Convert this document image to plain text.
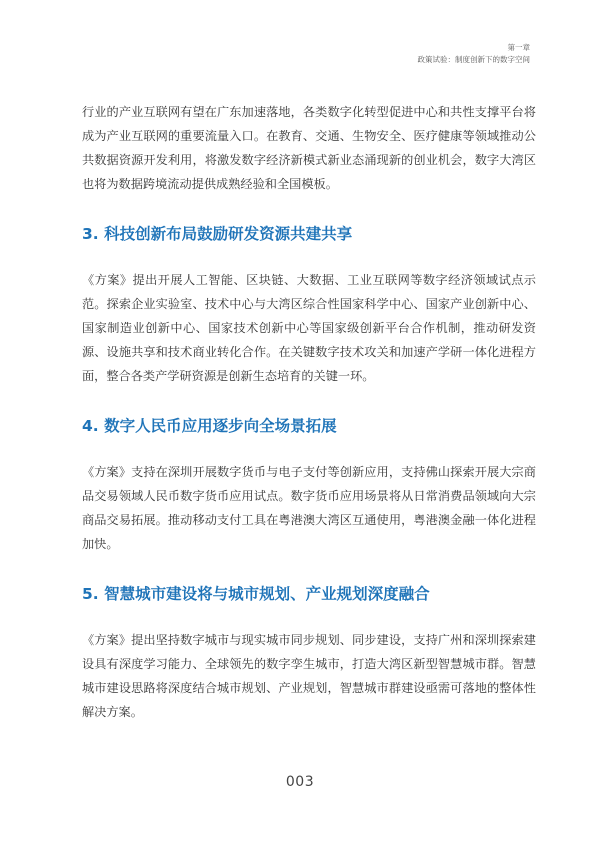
第一章
政策试验：制度创新下的数字空间

行业的产业互联网有望在广东加速落地，各类数字化转型促进中心和共性支撑平台将成为产业互联网的重要流量入口。在教育、交通、生物安全、医疗健康等领域推动公共数据资源开发利用，将激发数字经济新模式新业态涌现新的创业机会，数字大湾区也将为数据跨境流动提供成熟经验和全国模板。

3. 科技创新布局鼓励研发资源共建共享

《方案》提出开展人工智能、区块链、大数据、工业互联网等数字经济领域试点示范。探索企业实验室、技术中心与大湾区综合性国家科学中心、国家产业创新中心、国家制造业创新中心、国家技术创新中心等国家级创新平台合作机制，推动研发资源、设施共享和技术商业转化合作。在关键数字技术攻关和加速产学研一体化进程方面，整合各类产学研资源是创新生态培育的关键一环。

4. 数字人民币应用逐步向全场景拓展

《方案》支持在深圳开展数字货币与电子支付等创新应用，支持佛山探索开展大宗商品交易领域人民币数字货币应用试点。数字货币应用场景将从日常消费品领域向大宗商品交易拓展。推动移动支付工具在粤港澳大湾区互通使用，粤港澳金融一体化进程加快。

5. 智慧城市建设将与城市规划、产业规划深度融合

《方案》提出坚持数字城市与现实城市同步规划、同步建设，支持广州和深圳探索建设具有深度学习能力、全球领先的数字孪生城市，打造大湾区新型智慧城市群。智慧城市建设思路将深度结合城市规划、产业规划，智慧城市群建设亟需可落地的整体性解决方案。

003
